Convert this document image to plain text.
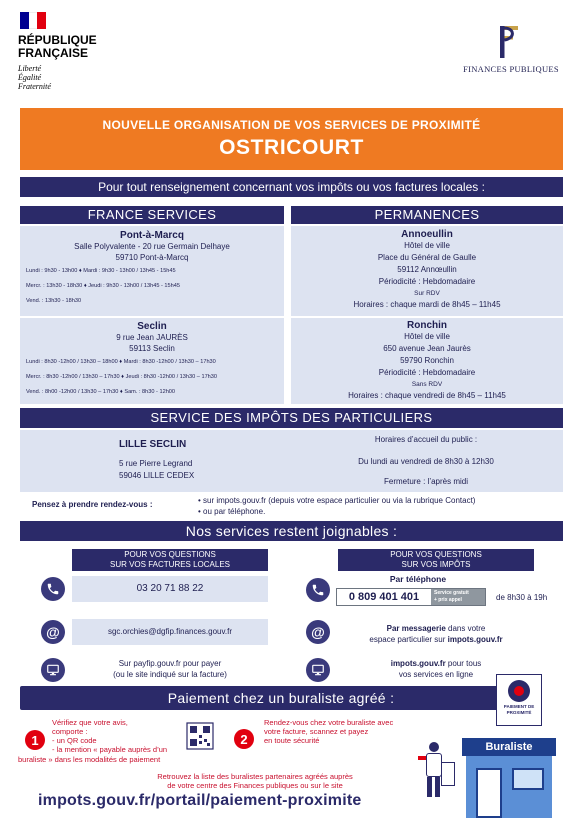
RÉPUBLIQUE
FRANÇAISE
Liberté
Égalité
Fraternité
FINANCES PUBLIQUES
NOUVELLE ORGANISATION DE VOS SERVICES DE PROXIMITÉ
OSTRICOURT
Pour tout renseignement concernant vos impôts ou vos factures locales :
FRANCE SERVICES
Pont-à-Marcq
Salle Polyvalente - 20 rue Germain Delhaye
59710 Pont-à-Marcq
Lundi : 9h30 - 13h00 ♦ Mardi : 9h30 - 13h00 / 13h45 - 15h45
Mercr. : 13h30 - 18h30 ♦ Jeudi : 9h30 - 13h00 / 13h45 - 15h45
Vend. : 13h30 - 18h30
Seclin
9 rue Jean JAURÈS
59113 Seclin
Lundi : 8h30 -12h00 / 13h30 – 18h00 ♦ Mardi : 8h30 -12h00 / 13h30 – 17h30
Mercr. : 8h30 -12h00 / 13h30 – 17h30 ♦ Jeudi : 8h30 -12h00 / 13h30 – 17h30
Vend. : 8h00 -12h00 / 13h30 – 17h30 ♦ Sam. : 8h30 - 12h00
PERMANENCES
Annoeullin
Hôtel de ville
Place du Général de Gaulle
59112 Annœullin
Périodicité : Hebdomadaire
Sur RDV
Horaires : chaque mardi de 8h45 – 11h45
Ronchin
Hôtel de ville
650 avenue Jean Jaurès
59790 Ronchin
Périodicité : Hebdomadaire
Sans RDV
Horaires : chaque vendredi de 8h45 – 11h45
SERVICE DES IMPÔTS DES PARTICULIERS
LILLE SECLIN
5 rue Pierre Legrand
59046 LILLE CEDEX
Horaires d’accueil du public :
Du lundi au vendredi de 8h30 à 12h30
Fermeture : l’après midi
Pensez à prendre rendez-vous :	• sur impots.gouv.fr (depuis votre espace particulier ou via la rubrique Contact)
• ou par téléphone.
Nos services restent joignables :
POUR VOS QUESTIONS
SUR VOS FACTURES LOCALES
03 20 71 88 22
@	sgc.orchies@dgfip.finances.gouv.fr
Sur payfip.gouv.fr pour payer
(ou le site indiqué sur la facture)
POUR VOS QUESTIONS
SUR VOS IMPÔTS
Par téléphone
0 809 401 401	Service gratuit
+ prix appel	de 8h30 à 19h
@	Par messagerie dans votre
espace particulier sur impots.gouv.fr
impots.gouv.fr pour tous
vos services en ligne
Paiement chez un buraliste agréé :
1
Vérifiez que votre avis,
comporte :
- un QR code
- la mention « payable auprès d’un
buraliste » dans les modalités de paiement
2
Rendez-vous chez votre buraliste avec
votre facture, scannez et payez
en toute sécurité
PAIEMENT DE
PROXIMITÉ
Buraliste
Retrouvez la liste des buralistes partenaires agréés auprès
de votre centre des Finances publiques ou sur le site
impots.gouv.fr/portail/paiement-proximite
